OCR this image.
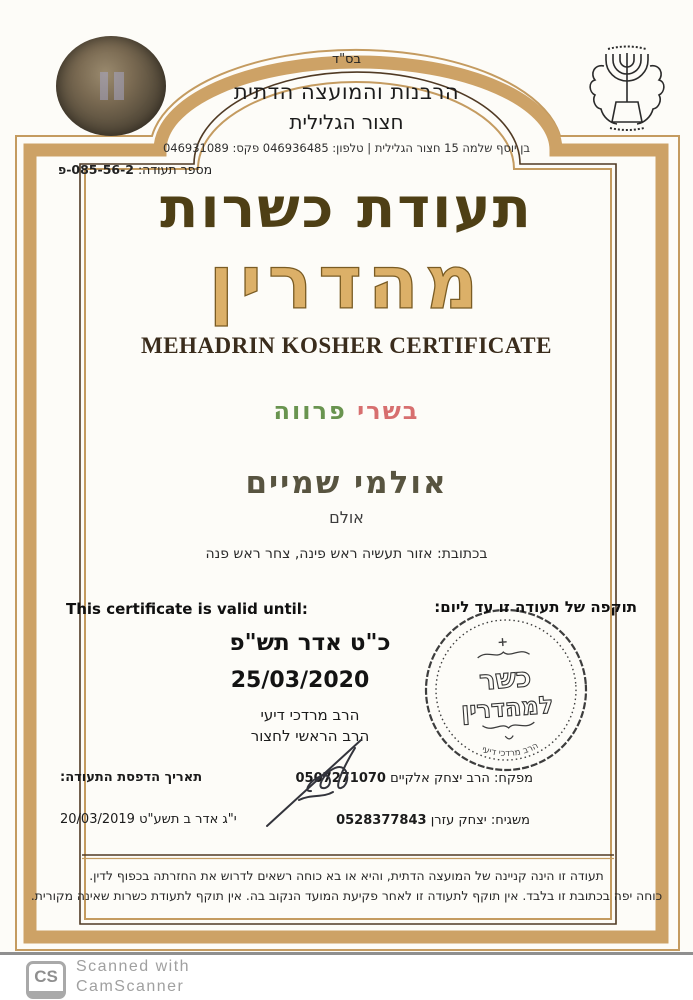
בס"ד
הרבנות והמועצה הדתית
חצור הגלילית
בן יוסף שלמה 15 חצור הגלילית | טלפון: 046936485 פקס: 046931089
מספר תעודה: פ-085-56-2
תעודת כשרות
מהדרין
MEHADRIN KOSHER CERTIFICATE
בשרי פרווה
אולמי שמיים
אולם
בכתובת: אזור תעשיה ראש פינה, צחר ראש פנה
This certificate is valid until:	תוקפה של תעודה זו עד ליום:
כ"ט אדר תש"פ
25/03/2020	כשר
למהדרין
הרב מרדכי דיעי
הרב מרדכי דיעי
הרב הראשי לחצור
מפקח: הרב יצחק אלקיים 0507271070
משגיח: יצחק עזרן 0528377843
תאריך הדפסת התעודה:
י"ג אדר ב תשע"ט 20/03/2019
תעודה זו הינה קניינה של המועצה הדתית, והיא או בא כוחה רשאים לדרוש את החזרתה בכפוף לדין.
כוחה יפה בכתובת זו בלבד. אין תוקף לתעודה זו לאחר פקיעת המועד הנקוב בה. אין תוקף לתעודת כשרות שאינה מקורית.
CS
Scanned with
CamScanner
